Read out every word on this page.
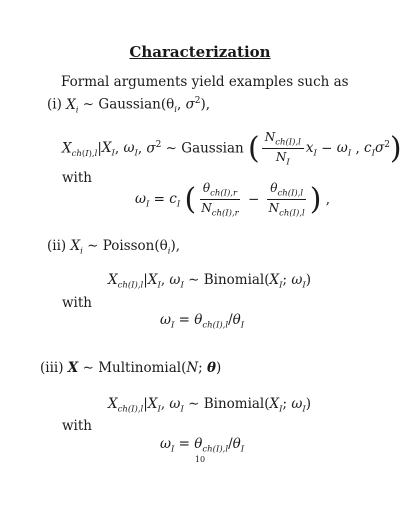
Characterization
Formal arguments yield examples such as
(i) $X_i$ ∼ $Gaussian(\theta_i$, $\sigma^2$),
$X_{ch(I),l}|X_I$, $\omega_I$, $\sigma^2$ ∼ Gaussian ( $\frac{N_{ch(I),l}}{N_I} x_I - \omega_I$ , $c_I\sigma^2$)
with
$\omega_I = c_I$ ( $\frac{\theta_{ch(I),r}}{N_{ch(I),r}} - \frac{\theta_{ch(I),l}}{N_{ch(I),l}}$ ) ,
(ii) $X_i$ ∼ $Poisson(\theta_i)$,
$X_{ch(I),l}|X_I$, $\omega_I$ ∼ $Binomial(X_I$; $\omega_I$)
with
$\omega_I = \theta_{ch(I),l}/\theta_I$
(iii) X ∼ Multinomial(N; θ)
$X_{ch(I),l}|X_I$, $\omega_I$ ∼ $Binomial(X_I$; $\omega_I$)
with
$\omega_I = \theta_{ch(I),l}/\theta_I$
10
